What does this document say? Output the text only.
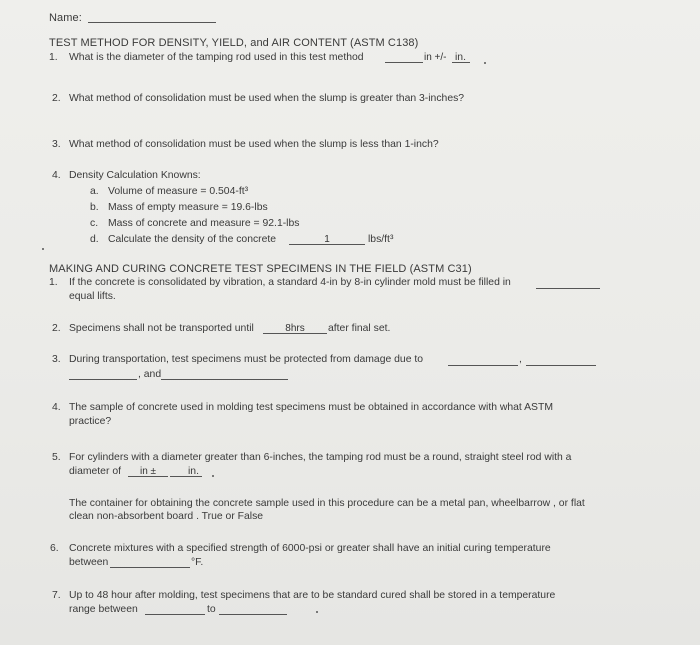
Name:
TEST METHOD FOR DENSITY, YIELD, and AIR CONTENT (ASTM C138)
1. What is the diameter of the tamping rod used in this test method	in +/- in.
2. What method of consolidation must be used when the slump is greater than 3-inches?
3. What method of consolidation must be used when the slump is less than 1-inch?
4. Density Calculation Knowns:
a. Volume of measure = 0.504-ft³
b. Mass of empty measure = 19.6-lbs
c. Mass of concrete and measure = 92.1-lbs
d. Calculate the density of the concrete	1	lbs/ft³
MAKING AND CURING CONCRETE TEST SPECIMENS IN THE FIELD (ASTM C31)
1. If the concrete is consolidated by vibration, a standard 4-in by 8-in cylinder mold must be filled in
equal lifts.
2. Specimens shall not be transported until	8hrs	after final set.
3. During transportation, test specimens must be protected from damage due to	,
, and
4. The sample of concrete used in molding test specimens must be obtained in accordance with what ASTM
practice?
5. For cylinders with a diameter greater than 6-inches, the tamping rod must be a round, straight steel rod with a
diameter of	in ±	in.
The container for obtaining the concrete sample used in this procedure can be a metal pan, wheelbarrow , or flat
clean non-absorbent board . True or False
6. Concrete mixtures with a specified strength of 6000-psi or greater shall have an initial curing temperature
between	°F.
7. Up to 48 hour after molding, test specimens that are to be standard cured shall be stored in a temperature
range between	to
